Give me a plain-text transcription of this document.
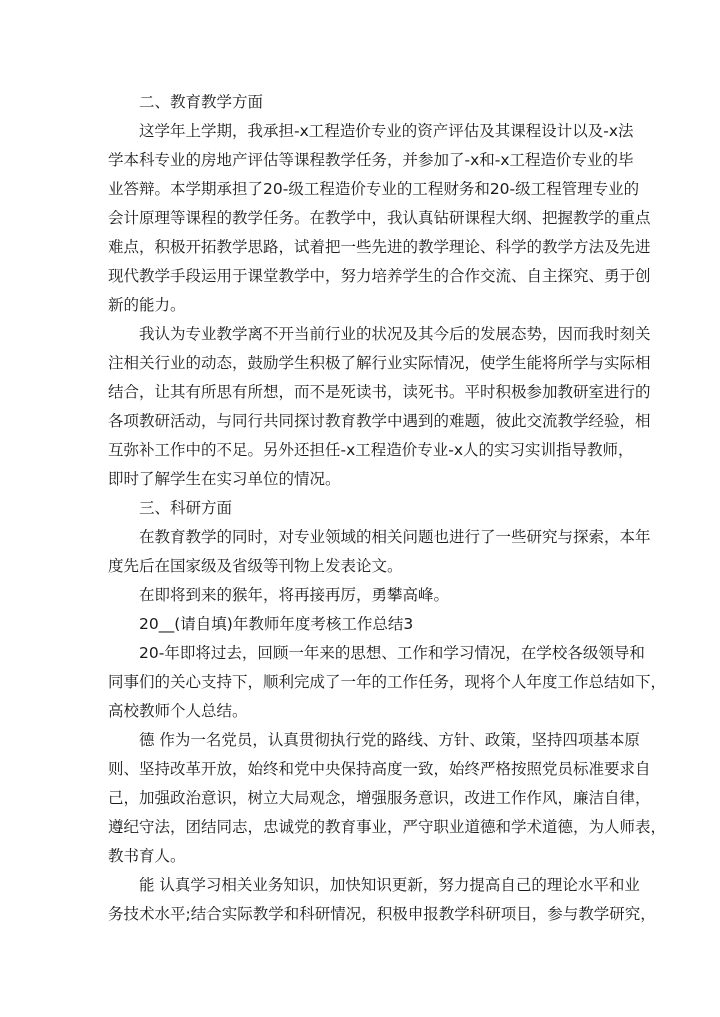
二、教育教学方面
这学年上学期，我承担-x工程造价专业的资产评估及其课程设计以及-x法
学本科专业的房地产评估等课程教学任务，并参加了-x和-x工程造价专业的毕
业答辩。本学期承担了20-级工程造价专业的工程财务和20-级工程管理专业的
会计原理等课程的教学任务。在教学中，我认真钻研课程大纲、把握教学的重点
难点，积极开拓教学思路，试着把一些先进的教学理论、科学的教学方法及先进
现代教学手段运用于课堂教学中，努力培养学生的合作交流、自主探究、勇于创
新的能力。
我认为专业教学离不开当前行业的状况及其今后的发展态势，因而我时刻关
注相关行业的动态，鼓励学生积极了解行业实际情况，使学生能将所学与实际相
结合，让其有所思有所想，而不是死读书，读死书。平时积极参加教研室进行的
各项教研活动，与同行共同探讨教育教学中遇到的难题，彼此交流教学经验，相
互弥补工作中的不足。另外还担任-x工程造价专业-x人的实习实训指导教师，
即时了解学生在实习单位的情况。
三、科研方面
在教育教学的同时，对专业领域的相关问题也进行了一些研究与探索，本年
度先后在国家级及省级等刊物上发表论文。
在即将到来的猴年，将再接再厉，勇攀高峰。
20__(请自填)年教师年度考核工作总结3
20-年即将过去，回顾一年来的思想、工作和学习情况，在学校各级领导和
同事们的关心支持下，顺利完成了一年的工作任务，现将个人年度工作总结如下，
高校教师个人总结。
德 作为一名党员，认真贯彻执行党的路线、方针、政策，坚持四项基本原
则、坚持改革开放，始终和党中央保持高度一致，始终严格按照党员标准要求自
己，加强政治意识，树立大局观念，增强服务意识，改进工作作风，廉洁自律，
遵纪守法，团结同志，忠诚党的教育事业，严守职业道德和学术道德，为人师表，
教书育人。
能 认真学习相关业务知识，加快知识更新，努力提高自己的理论水平和业
务技术水平;结合实际教学和科研情况，积极申报教学科研项目，参与教学研究，
